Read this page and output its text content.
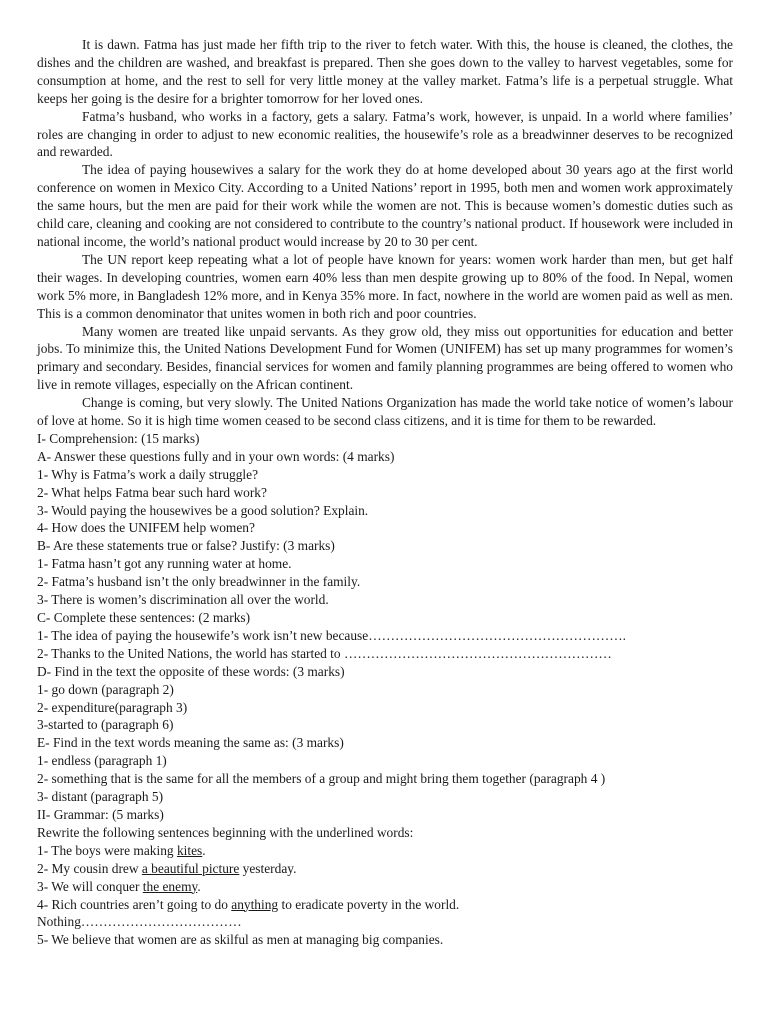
It is dawn. Fatma has just made her fifth trip to the river to fetch water. With this, the house is cleaned, the clothes, the dishes and the children are washed, and breakfast is prepared. Then she goes down to the valley to harvest vegetables, some for consumption at home, and the rest to sell for very little money at the valley market. Fatma’s life is a perpetual struggle. What keeps her going is the desire for a brighter tomorrow for her loved ones.

Fatma’s husband, who works in a factory, gets a salary. Fatma’s work, however, is unpaid. In a world where families’ roles are changing in order to adjust to new economic realities, the housewife’s role as a breadwinner deserves to be recognized and rewarded.

The idea of paying housewives a salary for the work they do at home developed about 30 years ago at the first world conference on women in Mexico City. According to a United Nations’ report in 1995, both men and women work approximately the same hours, but the men are paid for their work while the women are not. This is because women’s domestic duties such as child care, cleaning and cooking are not considered to contribute to the country’s national product. If housework were included in national income, the world’s national product would increase by 20 to 30 per cent.

The UN report keep repeating what a lot of people have known for years: women work harder than men, but get half their wages. In developing countries, women earn 40% less than men despite growing up to 80% of the food. In Nepal, women work 5% more, in Bangladesh 12% more, and in Kenya 35% more. In fact, nowhere in the world are women paid as well as men. This is a common denominator that unites women in both rich and poor countries.

Many women are treated like unpaid servants. As they grow old, they miss out opportunities for education and better jobs. To minimize this, the United Nations Development Fund for Women (UNIFEM) has set up many programmes for women’s primary and secondary. Besides, financial services for women and family planning programmes are being offered to women who live in remote villages, especially on the African continent.

Change is coming, but very slowly. The United Nations Organization has made the world take notice of women’s labour of love at home. So it is high time women ceased to be second class citizens, and it is time for them to be rewarded.

I- Comprehension: (15 marks)

A- Answer these questions fully and in your own words: (4 marks)

1- Why is Fatma’s work a daily struggle?

2- What helps Fatma bear such hard work?

3- Would paying the housewives be a good solution? Explain.

4- How does the UNIFEM help women?

B- Are these statements true or false? Justify: (3 marks)

1- Fatma hasn’t got any running water at home.

2- Fatma’s husband isn’t the only breadwinner in the family.

3- There is women’s discrimination all over the world.

C- Complete these sentences: (2 marks)

1- The idea of paying the housewife’s work isn’t new because………………………………………………….

2- Thanks to the United Nations, the world has started to ……………………………………………………

D- Find in the text the opposite of these words: (3 marks)

1- go down (paragraph 2)

2- expenditure(paragraph 3)

3-started to (paragraph 6)

E- Find in the text words meaning the same as: (3 marks)

1- endless (paragraph 1)

2- something that is the same for all the members of a group and might bring them together (paragraph 4 )

3- distant (paragraph 5)

II- Grammar: (5 marks)

Rewrite the following sentences beginning with the underlined words:

1- The boys were making kites.

2- My cousin drew a beautiful picture yesterday.

3- We will conquer the enemy.

4- Rich countries aren’t going to do anything to eradicate poverty in the world.

Nothing………………………………

5- We believe that women are as skilful as men at managing big companies.
